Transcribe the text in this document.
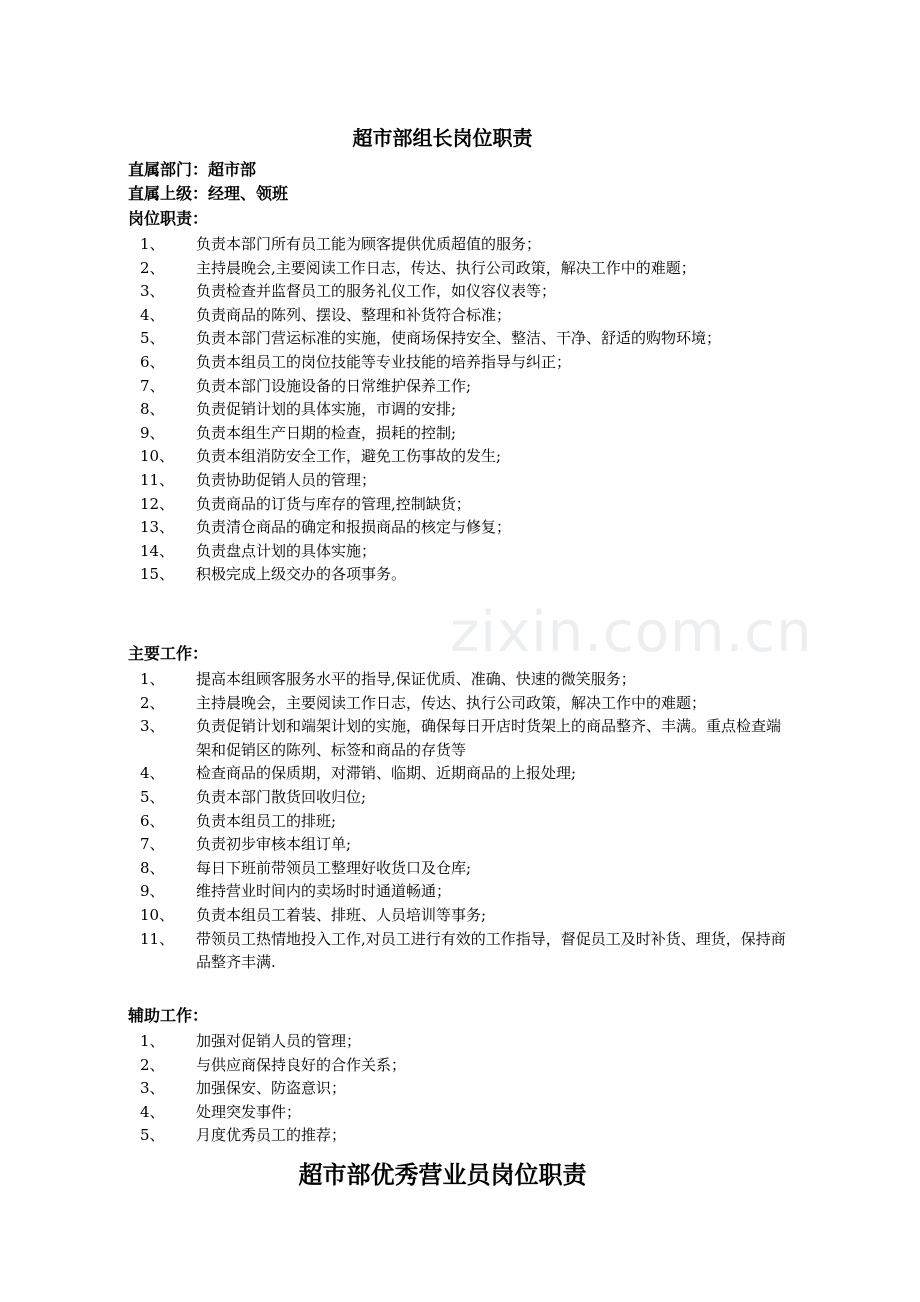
zixin.com.cn
超市部组长岗位职责
直属部门：超市部
直属上级：经理、领班
岗位职责：
1、 负责本部门所有员工能为顾客提供优质超值的服务；
2、 主持晨晚会,主要阅读工作日志，传达、执行公司政策，解决工作中的难题；
3、 负责检查并监督员工的服务礼仪工作，如仪容仪表等；
4、 负责商品的陈列、摆设、整理和补货符合标准；
5、 负责本部门营运标准的实施，使商场保持安全、整洁、干净、舒适的购物环境；
6、 负责本组员工的岗位技能等专业技能的培养指导与纠正；
7、 负责本部门设施设备的日常维护保养工作;
8、 负责促销计划的具体实施，市调的安排;
9、 负责本组生产日期的检查，损耗的控制;
10、 负责本组消防安全工作，避免工伤事故的发生;
11、 负责协助促销人员的管理；
12、 负责商品的订货与库存的管理,控制缺货；
13、 负责清仓商品的确定和报损商品的核定与修复；
14、 负责盘点计划的具体实施；
15、 积极完成上级交办的各项事务。
主要工作：
1、 提高本组顾客服务水平的指导,保证优质、准确、快速的微笑服务；
2、 主持晨晚会，主要阅读工作日志，传达、执行公司政策，解决工作中的难题；
3、 负责促销计划和端架计划的实施，确保每日开店时货架上的商品整齐、丰满。重点检查端架和促销区的陈列、标签和商品的存货等
4、 检查商品的保质期，对滞销、临期、近期商品的上报处理;
5、 负责本部门散货回收归位;
6、 负责本组员工的排班;
7、 负责初步审核本组订单;
8、 每日下班前带领员工整理好收货口及仓库;
9、 维持营业时间内的卖场时时通道畅通；
10、 负责本组员工着装、排班、人员培训等事务;
11、 带领员工热情地投入工作,对员工进行有效的工作指导，督促员工及时补货、理货，保持商品整齐丰满.
辅助工作：
1、 加强对促销人员的管理；
2、 与供应商保持良好的合作关系；
3、 加强保安、防盗意识；
4、 处理突发事件；
5、 月度优秀员工的推荐；
超市部优秀营业员岗位职责
